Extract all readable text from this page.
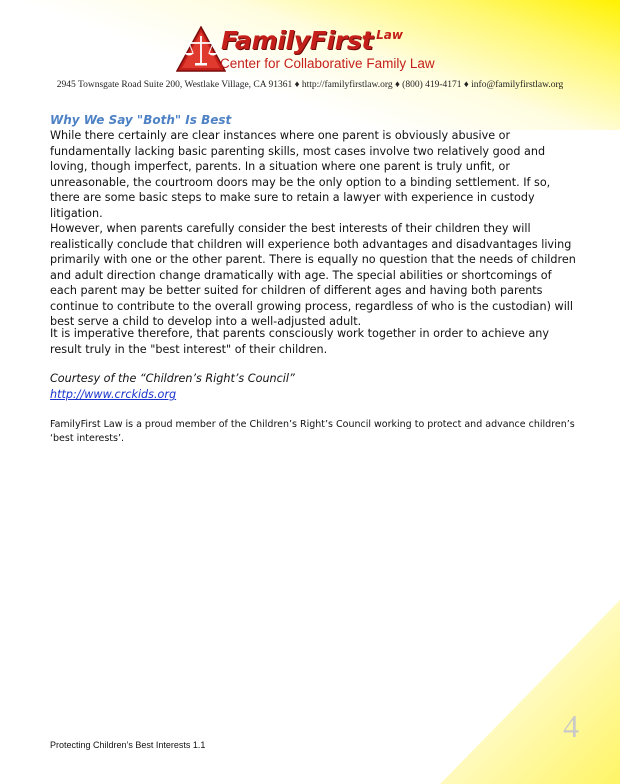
FamilyFirst $^{Law}$
Center for Collaborative Family Law
2945 Townsgate Road Suite 200, Westlake Village, CA 91361 ♦ http://familyfirstlaw.org ♦ (800) 419-4171 ♦ info@familyfirstlaw.org
Why We Say "Both" Is Best

While there certainly are clear instances where one parent is obviously abusive or fundamentally lacking basic parenting skills, most cases involve two relatively good and loving, though imperfect, parents. In a situation where one parent is truly unfit, or unreasonable, the courtroom doors may be the only option to a binding settlement. If so, there are some basic steps to make sure to retain a lawyer with experience in custody litigation.

However, when parents carefully consider the best interests of their children they will realistically conclude that children will experience both advantages and disadvantages living primarily with one or the other parent. There is equally no question that the needs of children and adult direction change dramatically with age. The special abilities or shortcomings of each parent may be better suited for children of different ages and having both parents continue to contribute to the overall growing process, regardless of who is the custodian) will best serve a child to develop into a well-adjusted adult.

It is imperative therefore, that parents consciously work together in order to achieve any result truly in the "best interest" of their children.

Courtesy of the “Children’s Right’s Council”
http://www.crckids.org

FamilyFirst Law is a proud member of the Children’s Right’s Council working to protect and advance children’s ‘best interests’.

Protecting Children’s Best Interests 1.1
4
